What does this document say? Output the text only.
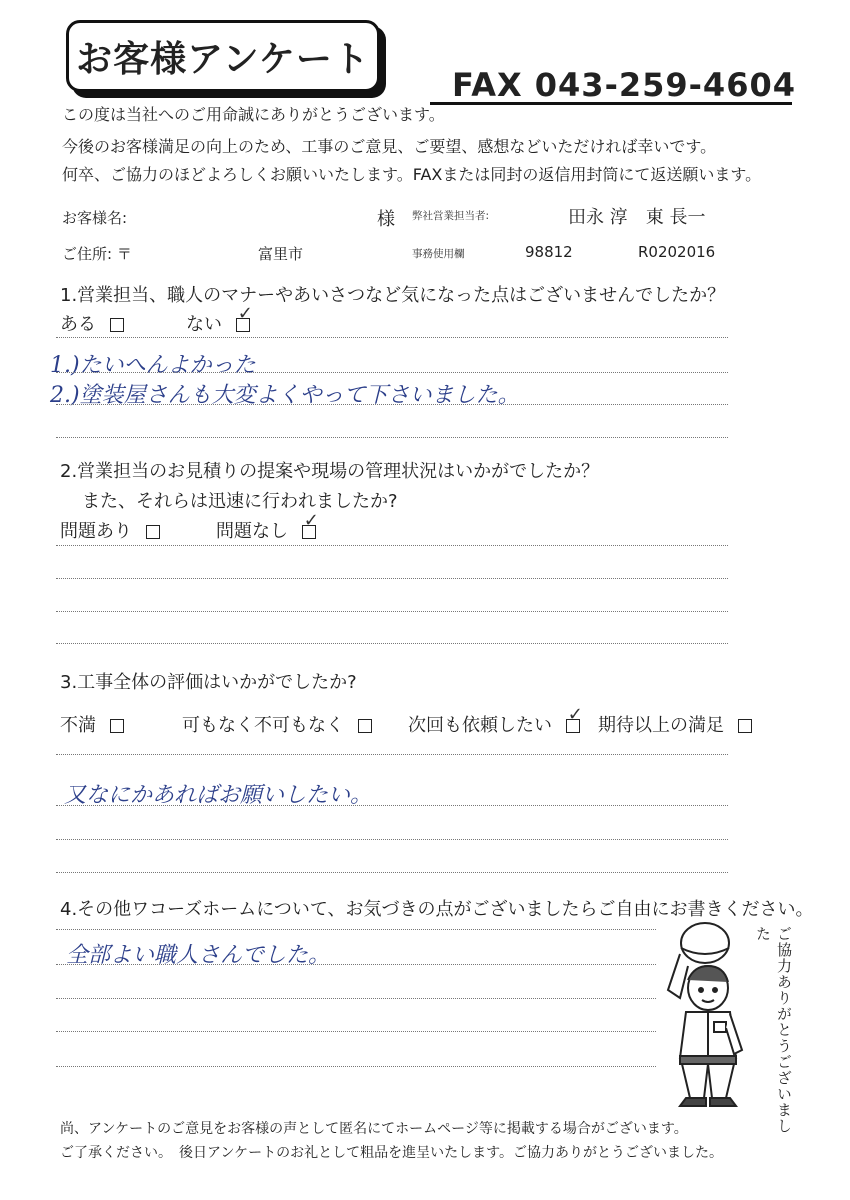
お客様アンケート
FAX 043-259-4604
この度は当社へのご用命誠にありがとうございます。
今後のお客様満足の向上のため、工事のご意見、ご要望、感想などいただければ幸いです。
何卒、ご協力のほどよろしくお願いいたします。FAXまたは同封の返信用封筒にて返送願います。
お客様名:	様 弊社営業担当者:	田永 淳　東 長一
ご住所: 〒	富里市	事務使用欄	98812	R0202016
1.営業担当、職人のマナーやあいさつなど気になった点はございませんでしたか？
ある	ない ✓
1.)たいへんよかった
2.)塗装屋さんも大変よくやって下さいました。
2.営業担当のお見積りの提案や現場の管理状況はいかがでしたか？
また、それらは迅速に行われましたか?
問題あり	問題なし ✓
3.工事全体の評価はいかがでしたか?
不満	可もなく不可もなく	次回も依頼したい ✓	期待以上の満足
又なにかあればお願いしたい。
4.その他ワコーズホームについて、お気づきの点がございましたらご自由にお書きください。
全部よい職人さんでした。	ご協力ありがとうございました
尚、アンケートのご意見をお客様の声として匿名にてホームページ等に掲載する場合がございます。
ご了承ください。　後日アンケートのお礼として粗品を進呈いたします。ご協力ありがとうございました。
